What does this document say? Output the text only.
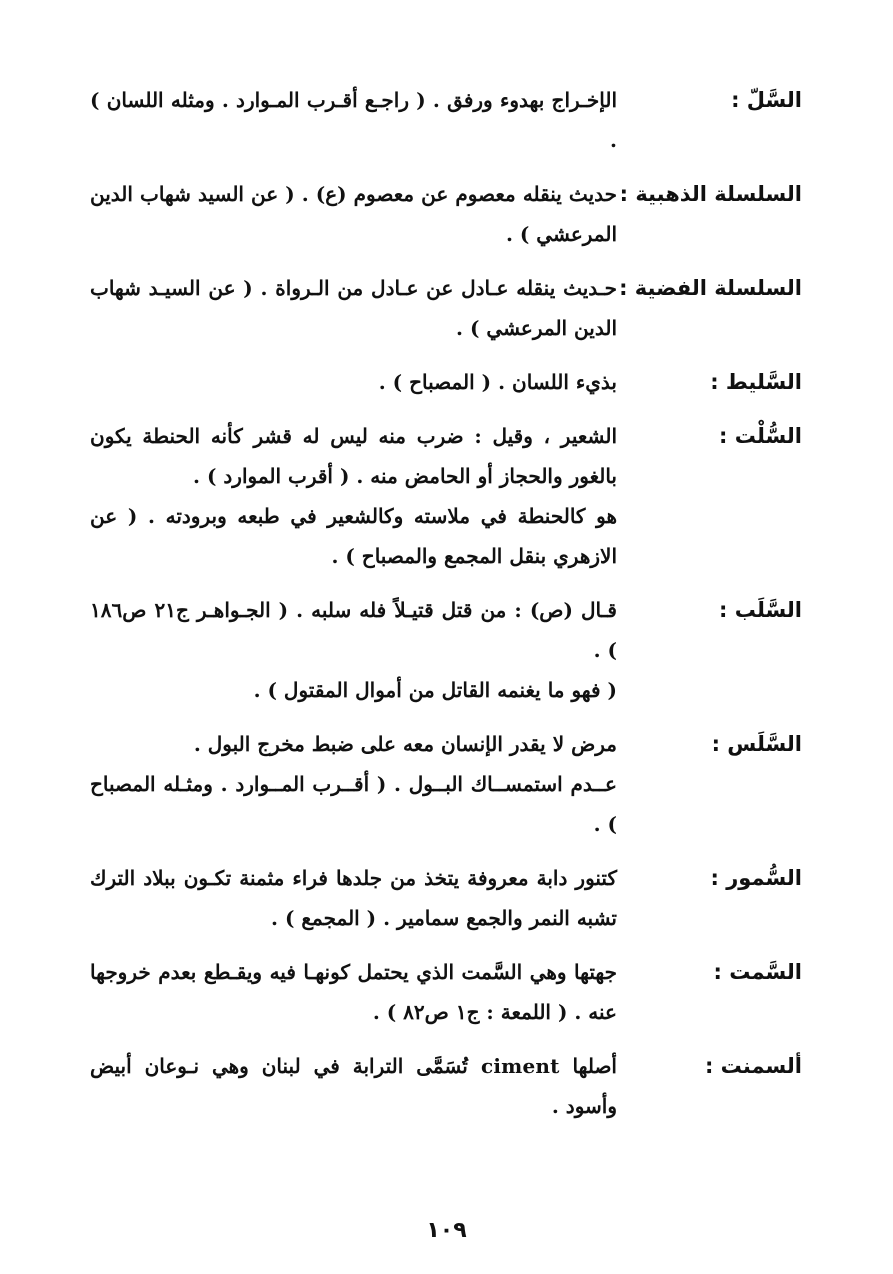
السَّلّ :
الإخـراج بهدوء ورفق . ( راجـع أقـرب المـوارد . ومثله اللسان ) .
السلسلة الذهبية :
حديث ينقله معصوم عن معصوم (ع) . ( عن السيد شهاب الدين المرعشي ) .
السلسلة الفضية :
حـديث ينقله عـادل عن عـادل من الـرواة . ( عن السيـد شهاب الدين المرعشي ) .
السَّليط :
بذيء اللسان . ( المصباح ) .
السُّلْت :
الشعير ، وقيل : ضرب منه ليس له قشر كأنه الحنطة يكون بالغور والحجاز أو الحامض منه . ( أقرب الموارد ) .
هو كالحنطة في ملاسته وكالشعير في طبعه وبرودته . ( عن الازهري بنقل المجمع والمصباح ) .
السَّلَب :
قـال (ص) : من قتل قتيـلاً فله سلبه . ( الجـواهـر ج٢١ ص١٨٦ ) .
( فهو ما يغنمه القاتل من أموال المقتول ) .
السَّلَس :
مرض لا يقدر الإنسان معه على ضبط مخرج البول .
عــدم استمســاك البــول . ( أقــرب المــوارد . ومثـله المصباح ) .
السُّمور :
كتنور دابة معروفة يتخذ من جلدها فراء مثمنة تكـون ببلاد الترك تشبه النمر والجمع سمامير . ( المجمع ) .
السَّمت :
جهتها وهي السَّمت الذي يحتمل كونهـا فيه ويقـطع بعدم خروجها عنه . ( اللمعة : ج١ ص٨٢ ) .
ألسمنت :
أصلها ciment تُسَمَّى الترابة في لبنان وهي نـوعان أبيض وأسود .
١٠٩
